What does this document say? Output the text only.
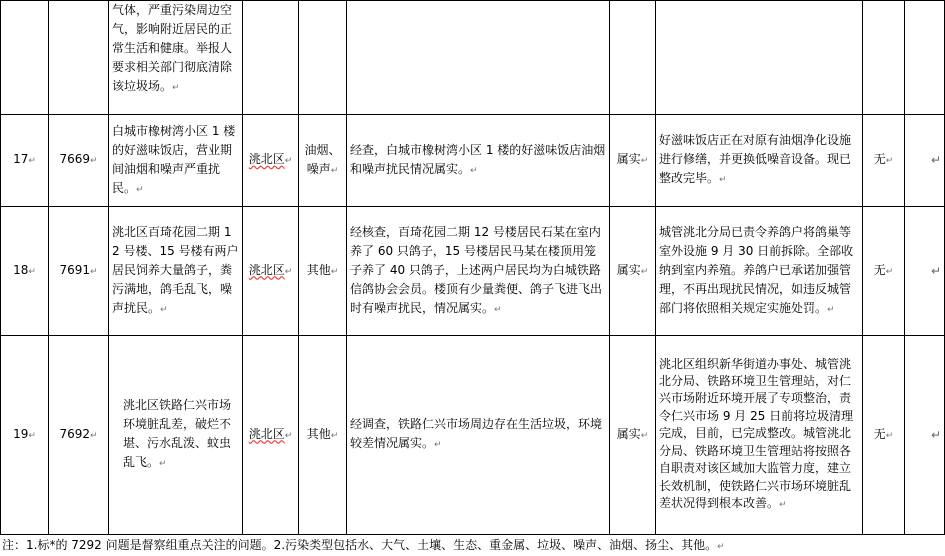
		气体，严重污染周边空气，影响附近居民的正常生活和健康。举报人要求相关部门彻底清除该垃圾场。↵							
17↵	7669↵	白城市橡树湾小区 1 楼的好滋味饭店，营业期间油烟和噪声严重扰民。↵	洮北区↵	油烟、噪声↵	经查，白城市橡树湾小区 1 楼的好滋味饭店油烟和噪声扰民情况属实。↵	属实↵	好滋味饭店正在对原有油烟净化设施进行修缮，并更换低噪音设备。现已整改完毕。↵	无↵	↵
18↵	7691↵	洮北区百琦花园二期 12 号楼、15 号楼有两户居民饲养大量鸽子，粪污满地，鸽毛乱飞，噪声扰民。↵	洮北区↵	其他↵	经核查，百琦花园二期 12 号楼居民石某在室内养了 60 只鸽子，15 号楼居民马某在楼顶用笼子养了 40 只鸽子，上述两户居民均为白城铁路信鸽协会会员。楼顶有少量粪便、鸽子飞进飞出时有噪声扰民，情况属实。↵	属实↵	城管洮北分局已责令养鸽户将鸽巢等室外设施 9 月 30 日前拆除。全部收纳到室内养殖。养鸽户已承诺加强管理，不再出现扰民情况，如违反城管部门将依照相关规定实施处罚。↵	无↵	↵
19↵	7692↵	洮北区铁路仁兴市场环境脏乱差，破烂不堪、污水乱泼、蚊虫乱飞。↵	洮北区↵	其他↵	经调查，铁路仁兴市场周边存在生活垃圾，环境较差情况属实。↵	属实↵	洮北区组织新华街道办事处、城管洮北分局、铁路环境卫生管理站，对仁兴市场附近环境开展了专项整治，责令仁兴市场 9 月 25 日前将垃圾清理完成，目前，已完成整改。城管洮北分局、铁路环境卫生管理站将按照各自职责对该区域加大监管力度，建立长效机制，使铁路仁兴市场环境脏乱差状况得到根本改善。↵	无↵	↵
注：1.标*的 7292 问题是督察组重点关注的问题。2.污染类型包括水、大气、土壤、生态、重金属、垃圾、噪声、油烟、扬尘、其他。↵
